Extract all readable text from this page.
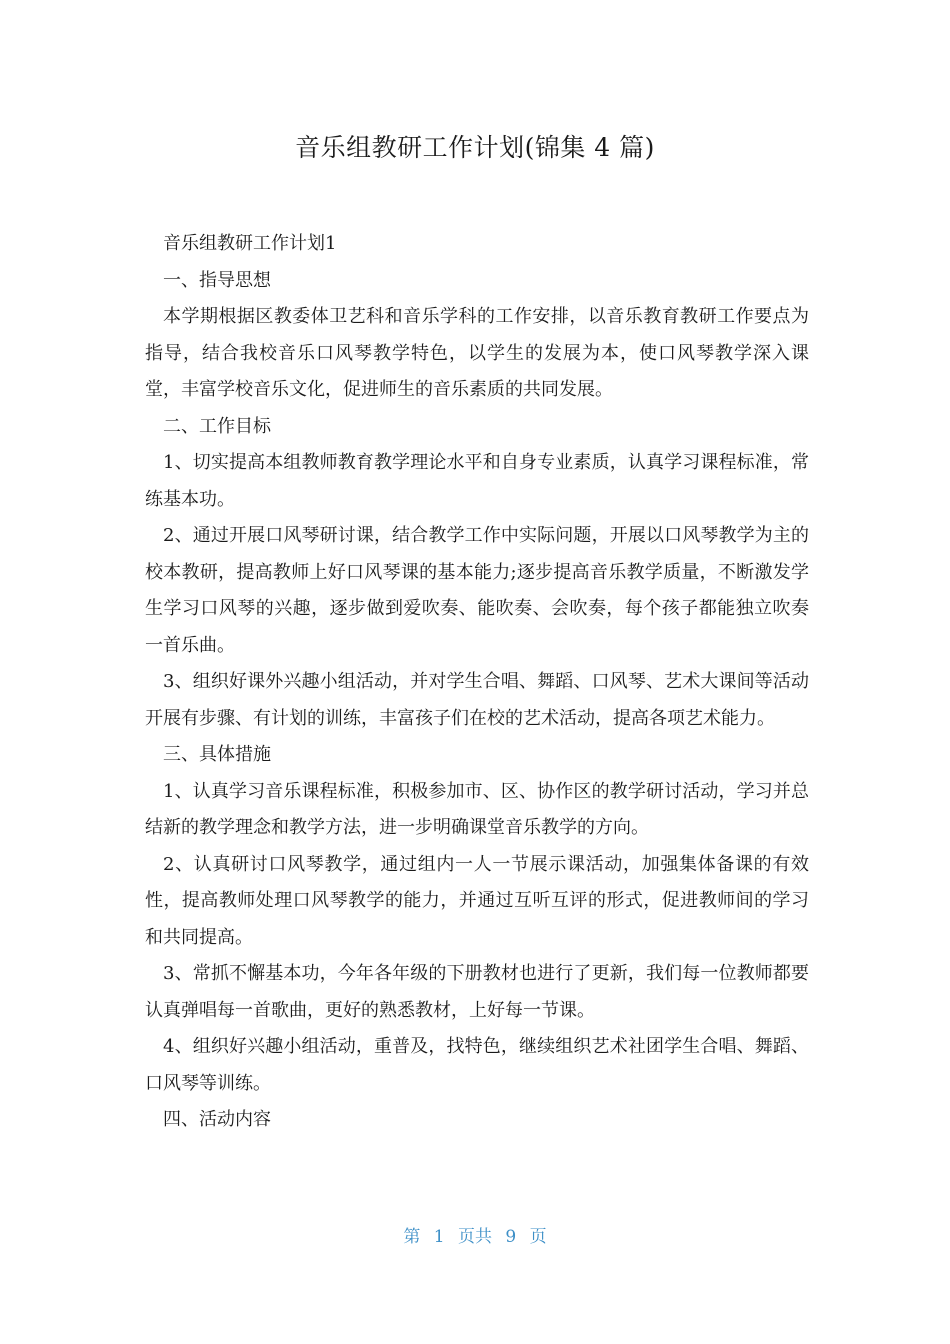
音乐组教研工作计划(锦集 4 篇)

音乐组教研工作计划1

一、指导思想

本学期根据区教委体卫艺科和音乐学科的工作安排，以音乐教育教研工作要点为指导，结合我校音乐口风琴教学特色，以学生的发展为本，使口风琴教学深入课堂，丰富学校音乐文化，促进师生的音乐素质的共同发展。

二、工作目标

1、切实提高本组教师教育教学理论水平和自身专业素质，认真学习课程标准，常练基本功。

2、通过开展口风琴研讨课，结合教学工作中实际问题，开展以口风琴教学为主的校本教研，提高教师上好口风琴课的基本能力;逐步提高音乐教学质量，不断激发学生学习口风琴的兴趣，逐步做到爱吹奏、能吹奏、会吹奏，每个孩子都能独立吹奏一首乐曲。

3、组织好课外兴趣小组活动，并对学生合唱、舞蹈、口风琴、艺术大课间等活动开展有步骤、有计划的训练，丰富孩子们在校的艺术活动，提高各项艺术能力。

三、具体措施

1、认真学习音乐课程标准，积极参加市、区、协作区的教学研讨活动，学习并总结新的教学理念和教学方法，进一步明确课堂音乐教学的方向。

2、认真研讨口风琴教学，通过组内一人一节展示课活动，加强集体备课的有效性，提高教师处理口风琴教学的能力，并通过互听互评的形式，促进教师间的学习和共同提高。

3、常抓不懈基本功，今年各年级的下册教材也进行了更新，我们每一位教师都要认真弹唱每一首歌曲，更好的熟悉教材，上好每一节课。

4、组织好兴趣小组活动，重普及，找特色，继续组织艺术社团学生合唱、舞蹈、口风琴等训练。

四、活动内容

第 1 页共 9 页
